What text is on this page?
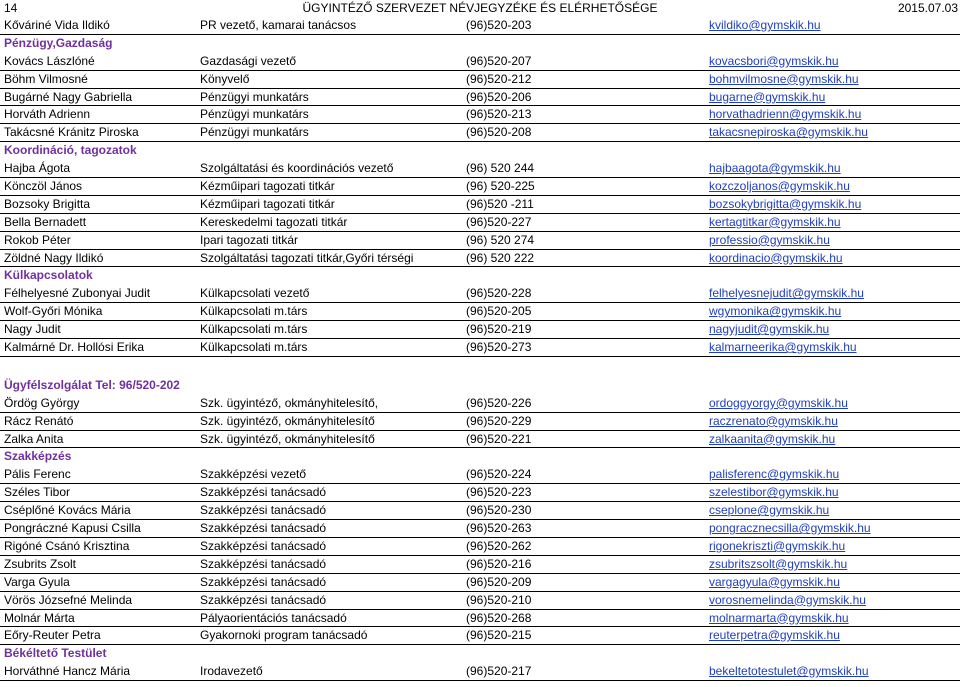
14	ÜGYINTÉZŐ SZERVEZET NÉVJEGYZÉKE ÉS ELÉRHETŐSÉGE	2015.07.03
Kőváriné Vida Ildikó	PR vezető, kamarai tanácsos	(96)520-203	kvildiko@gymskik.hu
Pénzügy,Gazdaság
Kovács Lászlóné	Gazdasági vezető	(96)520-207	kovacsbori@gymskik.hu
Böhm Vilmosné	Könyvelő	(96)520-212	bohmvilmosne@gymskik.hu
Bugárné Nagy Gabriella	Pénzügyi munkatárs	(96)520-206	bugarne@gymskik.hu
Horváth Adrienn	Pénzügyi munkatárs	(96)520-213	horvathadrienn@gymskik.hu
Takácsné Kránitz Piroska	Pénzügyi munkatárs	(96)520-208	takacsnepiroska@gymskik.hu
Koordináció, tagozatok
Hajba Ágota	Szolgáltatási és koordinációs vezető	(96) 520 244	hajbaagota@gymskik.hu
Könczöl János	Kézműipari tagozati titkár	(96) 520-225	kozczoljanos@gymskik.hu
Bozsoky Brigitta	Kézműipari tagozati titkár	(96)520 -211	bozsokybrigitta@gymskik.hu
Bella Bernadett	Kereskedelmi tagozati titkár	(96)520-227	kertagtitkar@gymskik.hu
Rokob Péter	Ipari tagozati titkár	(96) 520 274	professio@gymskik.hu
Zöldné Nagy Ildikó	Szolgáltatási tagozati titkár,Győri térségi	(96) 520 222	koordinacio@gymskik.hu
Külkapcsolatok
Félhelyesné Zubonyai Judit	Külkapcsolati vezető	(96)520-228	felhelyesnejudit@gymskik.hu
Wolf-Győri Mónika	Külkapcsolati m.társ	(96)520-205	wgymonika@gymskik.hu
Nagy Judit	Külkapcsolati m.társ	(96)520-219	nagyjudit@gymskik.hu
Kalmárné Dr. Hollósi Erika	Külkapcsolati m.társ	(96)520-273	kalmarneerika@gymskik.hu
Ügyfélszolgálat Tel: 96/520-202
Ördög György	Szk. ügyintéző, okmányhitelesítő,	(96)520-226	ordoggyorgy@gymskik.hu
Rácz Renátó	Szk. ügyintéző, okmányhitelesítő	(96)520-229	raczrenato@gymskik.hu
Zalka Anita	Szk. ügyintéző, okmányhitelesítő	(96)520-221	zalkaanita@gymskik.hu
Szakképzés
Pális Ferenc	Szakképzési vezető	(96)520-224	palisferenc@gymskik.hu
Széles Tibor	Szakképzési tanácsadó	(96)520-223	szelestibor@gymskik.hu
Cséplőné Kovács Mária	Szakképzési tanácsadó	(96)520-230	cseplone@gymskik.hu
Pongráczné Kapusi Csilla	Szakképzési tanácsadó	(96)520-263	pongracznecsilla@gymskik.hu
Rigóné Csánó Krisztina	Szakképzési tanácsadó	(96)520-262	rigonekriszti@gymskik.hu
Zsubrits Zsolt	Szakképzési tanácsadó	(96)520-216	zsubritszsolt@gymskik.hu
Varga Gyula	Szakképzési tanácsadó	(96)520-209	vargagyula@gymskik.hu
Vörös Józsefné Melinda	Szakképzési tanácsadó	(96)520-210	vorosnemelinda@gymskik.hu
Molnár Márta	Pályaorientációs tanácsadó	(96)520-268	molnarmarta@gymskik.hu
Eőry-Reuter Petra	Gyakornoki program tanácsadó	(96)520-215	reuterpetra@gymskik.hu
Békéltető Testület
Horváthné Hancz Mária	Irodavezető	(96)520-217	bekeltetotestulet@gymskik.hu
